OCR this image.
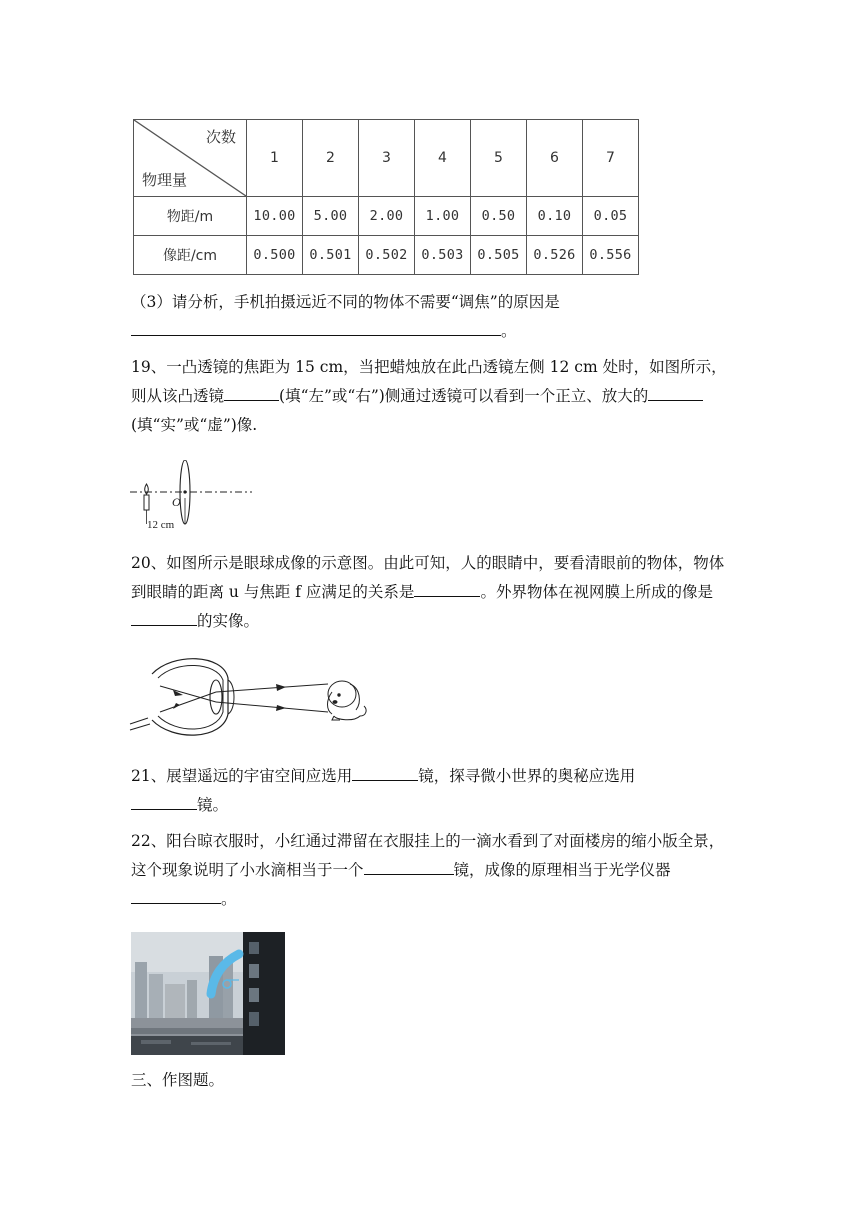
次数
物理量	1	2	3	4	5	6	7
物距/m	10.00	5.00	2.00	1.00	0.50	0.10	0.05
像距/cm	0.500	0.501	0.502	0.503	0.505	0.526	0.556
（3）请分析，手机拍摄远近不同的物体不需要“调焦”的原因是
。
19、一凸透镜的焦距为 15 cm，当把蜡烛放在此凸透镜左侧 12 cm 处时，如图所示，则从该凸透镜	(填“左”或“右”)侧通过透镜可以看到一个正立、放大的(填“实”或“虚”)像.
O
12 cm
20、如图所示是眼球成像的示意图。由此可知，人的眼睛中，要看清眼前的物体，物体到眼睛的距离 u 与焦距 f 应满足的关系是	。外界物体在视网膜上所成的像是的实像。
21、展望遥远的宇宙空间应选用	镜，探寻微小世界的奥秘应选用
镜。
22、阳台晾衣服时，小红通过滞留在衣服挂上的一滴水看到了对面楼房的缩小版全景，这个现象说明了小水滴相当于一个	镜，成像的原理相当于光学仪器。
三、作图题。
